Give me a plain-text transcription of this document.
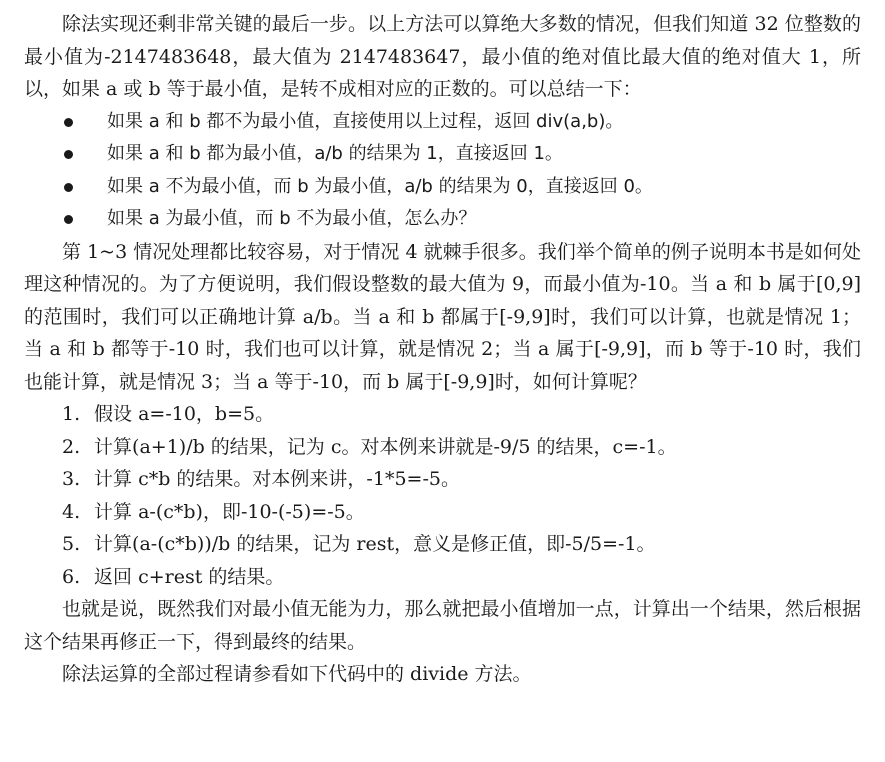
除法实现还剩非常关键的最后一步。以上方法可以算绝大多数的情况，但我们知道 32 位整数的最小值为-2147483648，最大值为 2147483647，最小值的绝对值比最大值的绝对值大 1，所以，如果 a 或 b 等于最小值，是转不成相对应的正数的。可以总结一下：

如果 a 和 b 都不为最小值，直接使用以上过程，返回 div(a,b)。
如果 a 和 b 都为最小值，a/b 的结果为 1，直接返回 1。
如果 a 不为最小值，而 b 为最小值，a/b 的结果为 0，直接返回 0。
如果 a 为最小值，而 b 不为最小值，怎么办？

第 1~3 情况处理都比较容易，对于情况 4 就棘手很多。我们举个简单的例子说明本书是如何处理这种情况的。为了方便说明，我们假设整数的最大值为 9，而最小值为-10。当 a 和 b 属于[0,9]的范围时，我们可以正确地计算 a/b。当 a 和 b 都属于[-9,9]时，我们可以计算，也就是情况 1；当 a 和 b 都等于-10 时，我们也可以计算，就是情况 2；当 a 属于[-9,9]，而 b 等于-10 时，我们也能计算，就是情况 3；当 a 等于-10，而 b 属于[-9,9]时，如何计算呢？

1. 假设 a=-10，b=5。
2. 计算(a+1)/b 的结果，记为 c。对本例来讲就是-9/5 的结果，c=-1。
3. 计算 c*b 的结果。对本例来讲，-1*5=-5。
4. 计算 a-(c*b)，即-10-(-5)=-5。
5. 计算(a-(c*b))/b 的结果，记为 rest，意义是修正值，即-5/5=-1。
6. 返回 c+rest 的结果。

也就是说，既然我们对最小值无能为力，那么就把最小值增加一点，计算出一个结果，然后根据这个结果再修正一下，得到最终的结果。

除法运算的全部过程请参看如下代码中的 divide 方法。
